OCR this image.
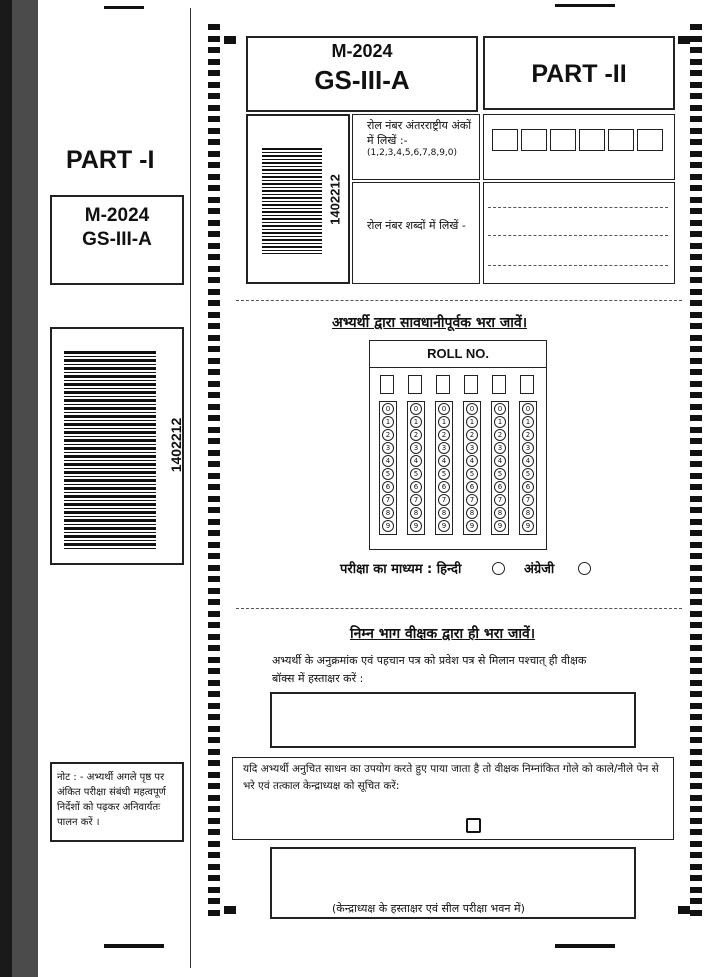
PART -I
M-2024
GS-III-A
1402212
नोट : - अभ्यर्थी अगले पृष्ठ पर अंकित परीक्षा संबंधी महत्वपूर्ण निर्देशों को पढ़कर अनिवार्यतः पालन करें ।
M-2024
GS-III-A	PART -II
1402212
रोल नंबर अंतरराष्ट्रीय अंकों में लिखें :-
(1,2,3,4,5,6,7,8,9,0)
रोल नंबर शब्दों में लिखें -
अभ्यर्थी द्वारा सावधानीपूर्वक भरा जावें।
ROLL NO.
0
1
2
3
4
5
6
7
8
9
0
1
2
3
4
5
6
7
8
9
0
1
2
3
4
5
6
7
8
9
0
1
2
3
4
5
6
7
8
9
0
1
2
3
4
5
6
7
8
9
0
1
2
3
4
5
6
7
8
9
परीक्षा का माध्यम : हिन्दी	अंग्रेजी
निम्न भाग वीक्षक द्वारा ही भरा जावें।
अभ्यर्थी के अनुक्रमांक एवं पहचान पत्र को प्रवेश पत्र से मिलान पश्चात् ही वीक्षक बॉक्स में हस्ताक्षर करें :
यदि अभ्यर्थी अनुचित साधन का उपयोग करते हुए पाया जाता है तो वीक्षक निम्नांकित गोले को काले/नीले पेन से भरे एवं तत्काल केन्द्राध्यक्ष को सूचित करें:
(केन्द्राध्यक्ष के हस्ताक्षर एवं सील परीक्षा भवन में)
